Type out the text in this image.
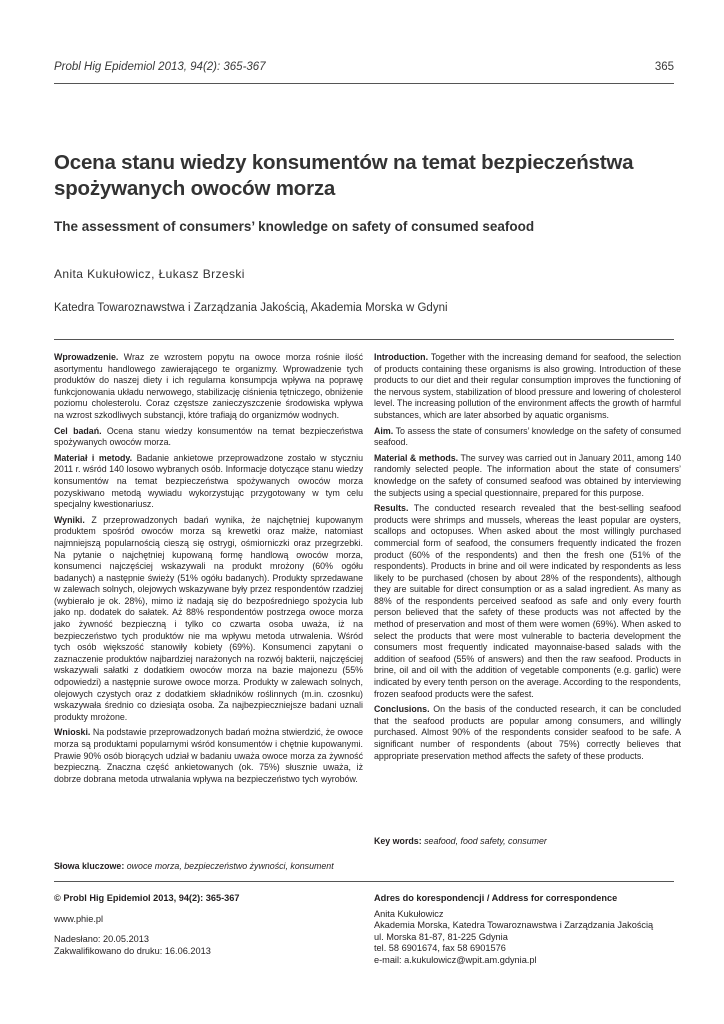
Probl Hig Epidemiol 2013, 94(2): 365-367	365
Ocena stanu wiedzy konsumentów na temat bezpieczeństwa spożywanych owoców morza
The assessment of consumers’ knowledge on safety of consumed seafood
Anita Kukułowicz, Łukasz Brzeski
Katedra Towaroznawstwa i Zarządzania Jakością, Akademia Morska w Gdyni

Wprowadzenie. Wraz ze wzrostem popytu na owoce morza rośnie ilość asortymentu handlowego zawierającego te organizmy. Wprowadzenie tych produktów do naszej diety i ich regularna konsumpcja wpływa na poprawę funkcjonowania układu nerwowego, stabilizację ciśnienia tętniczego, obniżenie poziomu cholesterolu. Coraz częstsze zanieczyszczenie środowiska wpływa na wzrost szkodliwych substancji, które trafiają do organizmów wodnych.

Cel badań. Ocena stanu wiedzy konsumentów na temat bezpieczeństwa spożywanych owoców morza.

Materiał i metody. Badanie ankietowe przeprowadzone zostało w styczniu 2011 r. wśród 140 losowo wybranych osób. Informacje dotyczące stanu wiedzy konsumentów na temat bezpieczeństwa spożywanych owoców morza pozyskiwano metodą wywiadu wykorzystując przygotowany w tym celu specjalny kwestionariusz.

Wyniki. Z przeprowadzonych badań wynika, że najchętniej kupowanym produktem spośród owoców morza są krewetki oraz małże, natomiast najmniejszą popularnością cieszą się ostrygi, ośmiorniczki oraz przegrzebki. Na pytanie o najchętniej kupowaną formę handlową owoców morza, konsumenci najczęściej wskazywali na produkt mrożony (60% ogółu badanych) a następnie świeży (51% ogółu badanych). Produkty sprzedawane w zalewach solnych, olejowych wskazywane były przez respondentów rzadziej (wybierało je ok. 28%), mimo iż nadają się do bezpośredniego spożycia lub jako np. dodatek do sałatek. Aż 88% respondentów postrzega owoce morza jako żywność bezpieczną i tylko co czwarta osoba uważa, iż na bezpieczeństwo tych produktów nie ma wpływu metoda utrwalenia. Wśród tych osób większość stanowiły kobiety (69%). Konsumenci zapytani o zaznaczenie produktów najbardziej narażonych na rozwój bakterii, najczęściej wskazywali sałatki z dodatkiem owoców morza na bazie majonezu (55% odpowiedzi) a następnie surowe owoce morza. Produkty w zalewach solnych, olejowych czystych oraz z dodatkiem składników roślinnych (m.in. czosnku) wskazywała średnio co dziesiąta osoba. Za najbezpieczniejsze badani uznali produkty mrożone.

Wnioski. Na podstawie przeprowadzonych badań można stwierdzić, że owoce morza są produktami popularnymi wśród konsumentów i chętnie kupowanymi. Prawie 90% osób biorących udział w badaniu uważa owoce morza za żywność bezpieczną. Znaczna część ankietowanych (ok. 75%) słusznie uważa, iż dobrze dobrana metoda utrwalania wpływa na bezpieczeństwo tych wyrobów.

Słowa kluczowe: owoce morza, bezpieczeństwo żywności, konsument

Introduction. Together with the increasing demand for seafood, the selection of products containing these organisms is also growing. Introduction of these products to our diet and their regular consumption improves the functioning of the nervous system, stabilization of blood pressure and lowering of cholesterol level. The increasing pollution of the environment affects the growth of harmful substances, which are later absorbed by aquatic organisms.

Aim. To assess the state of consumers’ knowledge on the safety of consumed seafood.

Material & methods. The survey was carried out in January 2011, among 140 randomly selected people. The information about the state of consumers’ knowledge on the safety of consumed seafood was obtained by interviewing the subjects using a special questionnaire, prepared for this purpose.

Results. The conducted research revealed that the best-selling seafood products were shrimps and mussels, whereas the least popular are oysters, scallops and octopuses. When asked about the most willingly purchased commercial form of seafood, the consumers frequently indicated the frozen product (60% of the respondents) and then the fresh one (51% of the respondents). Products in brine and oil were indicated by respondents as less likely to be purchased (chosen by about 28% of the respondents), although they are suitable for direct consumption or as a salad ingredient. As many as 88% of the respondents perceived seafood as safe and only every fourth person believed that the safety of these products was not affected by the method of preservation and most of them were women (69%). When asked to select the products that were most vulnerable to bacteria development the consumers most frequently indicated mayonnaise-based salads with the addition of seafood (55% of answers) and then the raw seafood. Products in brine, oil and oil with the addition of vegetable components (e.g. garlic) were indicated by every tenth person on the average. According to the respondents, frozen seafood products were the safest.

Conclusions. On the basis of the conducted research, it can be concluded that the seafood products are popular among consumers, and willingly purchased. Almost 90% of the respondents consider seafood to be safe. A significant number of respondents (about 75%) correctly believes that appropriate preservation method affects the safety of these products.

Key words: seafood, food safety, consumer
© Probl Hig Epidemiol 2013, 94(2): 365-367
www.phie.pl
Nadesłano: 20.05.2013
Zakwalifikowano do druku: 16.06.2013
Adres do korespondencji / Address for correspondence
Anita Kukułowicz
Akademia Morska, Katedra Towaroznawstwa i Zarządzania Jakością
ul. Morska 81-87, 81-225 Gdynia
tel. 58 6901674, fax 58 6901576
e-mail: a.kukulowicz@wpit.am.gdynia.pl
